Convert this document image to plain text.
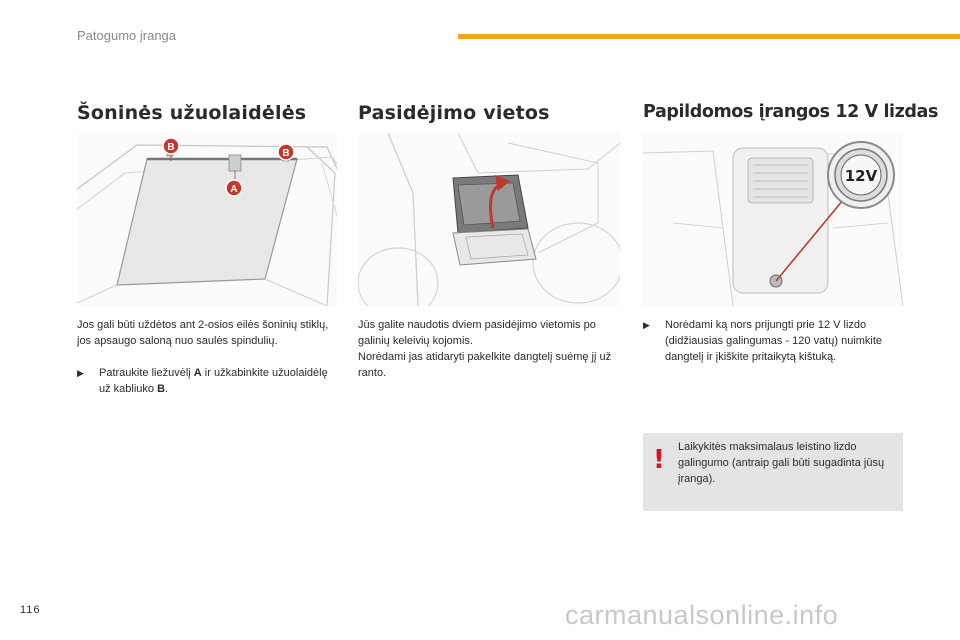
Patogumo įranga
Šoninės užuolaidėlės
B
B
A

Jos gali būti uždėtos ant 2-osios eilės šoninių stiklų, jos apsaugo saloną nuo saulės spindulių.

▶ Patraukite liežuvėlį A ir užkabinkite užuolaidėlę už kabliuko B.
Pasidėjimo vietos

Jūs galite naudotis dviem pasidėjimo vietomis po galinių keleivių kojomis.

Norėdami jas atidaryti pakelkite dangtelį suėmę jį už ranto.

Papildomos įrangos 12 V lizdas
12V
▶ Norėdami ką nors prijungti prie 12 V lizdo (didžiausias galingumas - 120 vatų) nuimkite dangtelį ir įkiškite pritaikytą kištuką.
! Laikykitės maksimalaus leistino lizdo galingumo (antraip gali būti sugadinta jūsų įranga).
116	carmanualsonline.info
